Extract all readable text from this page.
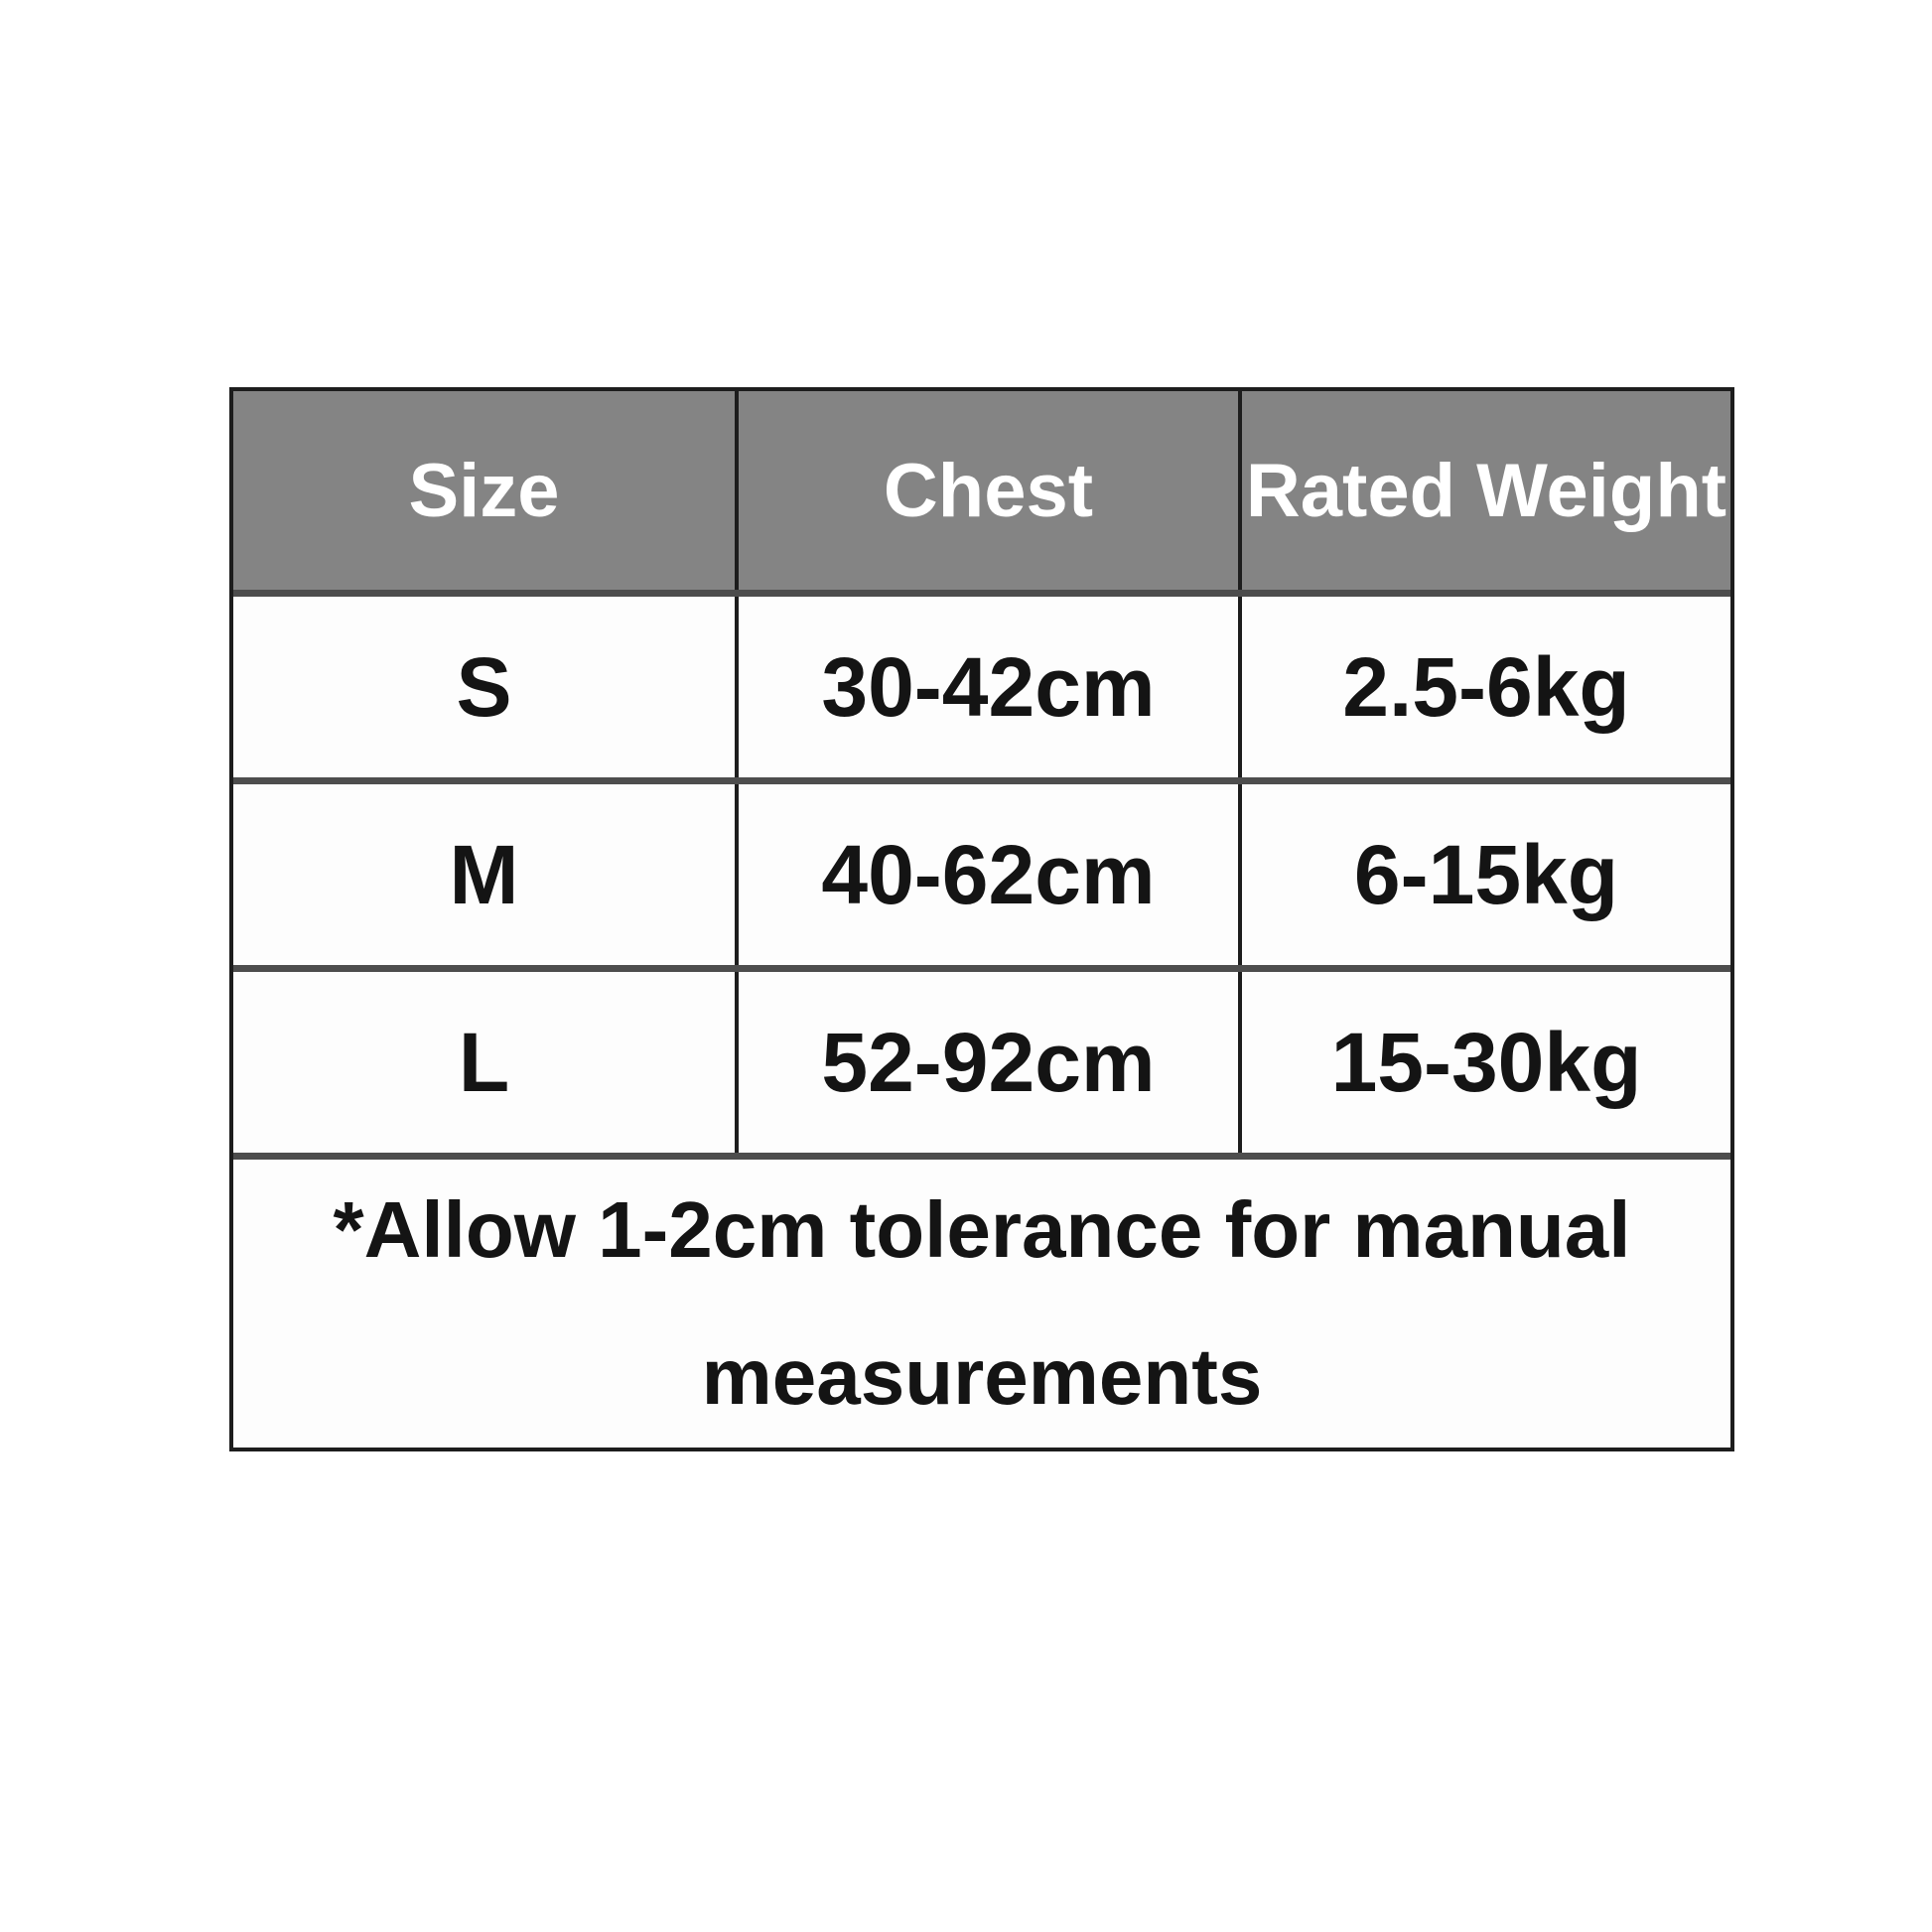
Size	Chest	Rated Weight
S	30-42cm	2.5-6kg
M	40-62cm	6-15kg
L	52-92cm	15-30kg
*Allow 1-2cm tolerance for manual
measurements
